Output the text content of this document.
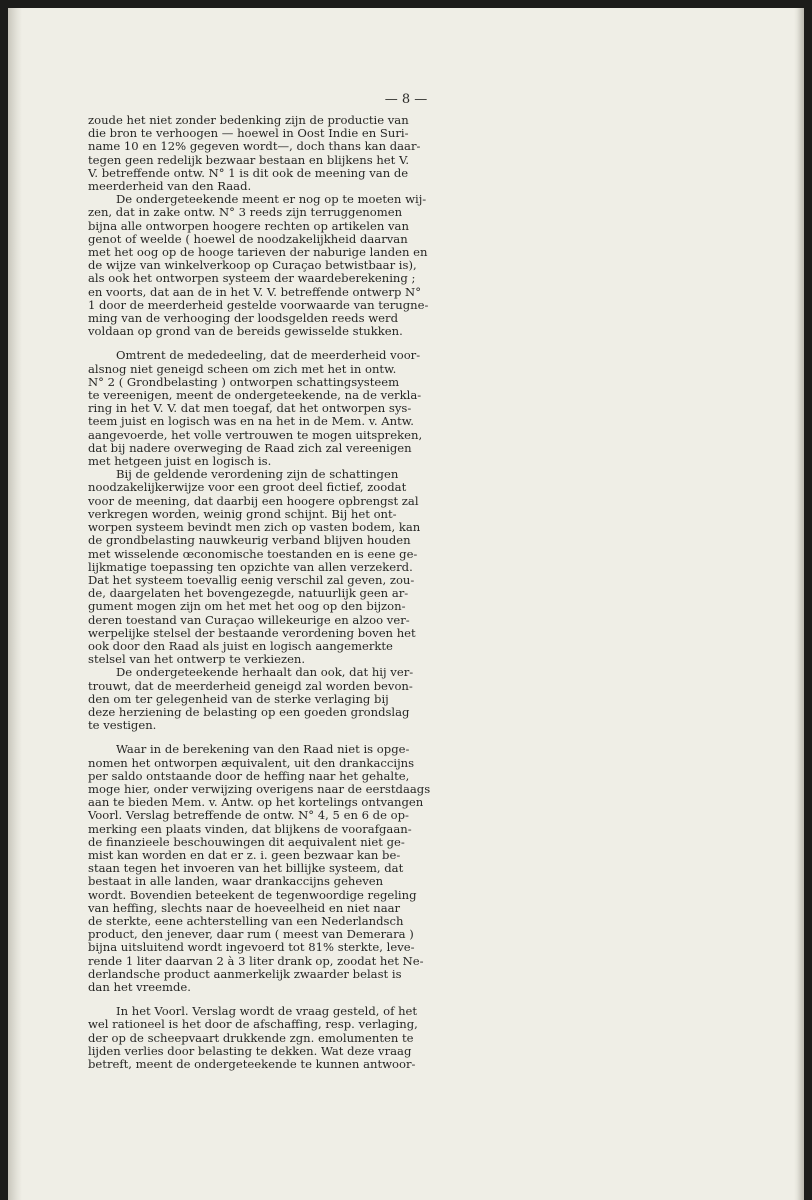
— 8 —
zoude het niet zonder bedenking zijn de productie van
die bron te verhoogen — hoewel in Oost Indie en Suri-
name 10 en 12% gegeven wordt—, doch thans kan daar-
tegen geen redelijk bezwaar bestaan en blijkens het V.
V. betreffende ontw. N° 1 is dit ook de meening van de
meerderheid van den Raad.
De ondergeteekende meent er nog op te moeten wij-
zen, dat in zake ontw. N° 3 reeds zijn terruggenomen
bijna alle ontworpen hoogere rechten op artikelen van
genot of weelde ( hoewel de noodzakelijkheid daarvan
met het oog op de hooge tarieven der naburige landen en
de wijze van winkelverkoop op Curaçao betwistbaar is),
als ook het ontworpen systeem der waardeberekening ;
en voorts, dat aan de in het V. V. betreffende ontwerp N°
1 door de meerderheid gestelde voorwaarde van terugne-
ming van de verhooging der loodsgelden reeds werd
voldaan op grond van de bereids gewisselde stukken.
Omtrent de mededeeling, dat de meerderheid voor-
alsnog niet geneigd scheen om zich met het in ontw.
N° 2 ( Grondbelasting ) ontworpen schattingsysteem
te vereenigen, meent de ondergeteekende, na de verkla-
ring in het V. V. dat men toegaf, dat het ontworpen sys-
teem juist en logisch was en na het in de Mem. v. Antw.
aangevoerde, het volle vertrouwen te mogen uitspreken,
dat bij nadere overweging de Raad zich zal vereenigen
met hetgeen juist en logisch is.
Bij de geldende verordening zijn de schattingen
noodzakelijkerwijze voor een groot deel fictief, zoodat
voor de meening, dat daarbij een hoogere opbrengst zal
verkregen worden, weinig grond schijnt. Bij het ont-
worpen systeem bevindt men zich op vasten bodem, kan
de grondbelasting nauwkeurig verband blijven houden
met wisselende œconomische toestanden en is eene ge-
lijkmatige toepassing ten opzichte van allen verzekerd.
Dat het systeem toevallig eenig verschil zal geven, zou-
de, daargelaten het bovengezegde, natuurlijk geen ar-
gument mogen zijn om het met het oog op den bijzon-
deren toestand van Curaçao willekeurige en alzoo ver-
werpelijke stelsel der bestaande verordening boven het
ook door den Raad als juist en logisch aangemerkte
stelsel van het ontwerp te verkiezen.
De ondergeteekende herhaalt dan ook, dat hij ver-
trouwt, dat de meerderheid geneigd zal worden bevon-
den om ter gelegenheid van de sterke verlaging bij
deze herziening de belasting op een goeden grondslag
te vestigen.
Waar in de berekening van den Raad niet is opge-
nomen het ontworpen æquivalent, uit den drankaccijns
per saldo ontstaande door de heffing naar het gehalte,
moge hier, onder verwijzing overigens naar de eerstdaags
aan te bieden Mem. v. Antw. op het kortelings ontvangen
Voorl. Verslag betreffende de ontw. N° 4, 5 en 6 de op-
merking een plaats vinden, dat blijkens de voorafgaan-
de finanzieele beschouwingen dit aequivalent niet ge-
mist kan worden en dat er z. i. geen bezwaar kan be-
staan tegen het invoeren van het billijke systeem, dat
bestaat in alle landen, waar drankaccijns geheven
wordt. Bovendien beteekent de tegenwoordige regeling
van heffing, slechts naar de hoeveelheid en niet naar
de sterkte, eene achterstelling van een Nederlandsch
product, den jenever, daar rum ( meest van Demerara )
bijna uitsluitend wordt ingevoerd tot 81% sterkte, leve-
rende 1 liter daarvan 2 à 3 liter drank op, zoodat het Ne-
derlandsche product aanmerkelijk zwaarder belast is
dan het vreemde.
In het Voorl. Verslag wordt de vraag gesteld, of het
wel rationeel is het door de afschaffing, resp. verlaging,
der op de scheepvaart drukkende zgn. emolumenten te
lijden verlies door belasting te dekken. Wat deze vraag
betreft, meent de ondergeteekende te kunnen antwoor-
